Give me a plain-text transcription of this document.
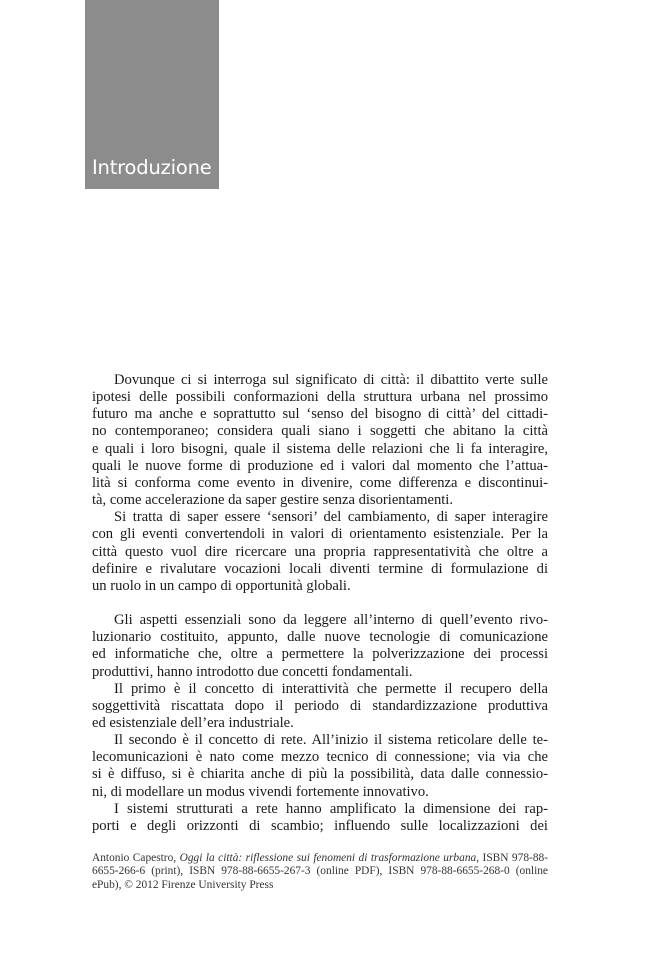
Introduzione

Dovunque ci si interroga sul significato di città: il dibattito verte sulle
ipotesi delle possibili conformazioni della struttura urbana nel prossimo
futuro ma anche e soprattutto sul ‘senso del bisogno di città’ del cittadi-
no contemporaneo; considera quali siano i soggetti che abitano la città
e quali i loro bisogni, quale il sistema delle relazioni che li fa interagire,
quali le nuove forme di produzione ed i valori dal momento che l’attua-
lità si conforma come evento in divenire, come differenza e discontinui-
tà, come accelerazione da saper gestire senza disorientamenti.

Si tratta di saper essere ‘sensori’ del cambiamento, di saper interagire
con gli eventi convertendoli in valori di orientamento esistenziale. Per la
città questo vuol dire ricercare una propria rappresentatività che oltre a
definire e rivalutare vocazioni locali diventi termine di formulazione di
un ruolo in un campo di opportunità globali.

Gli aspetti essenziali sono da leggere all’interno di quell’evento rivo-
luzionario costituito, appunto, dalle nuove tecnologie di comunicazione
ed informatiche che, oltre a permettere la polverizzazione dei processi
produttivi, hanno introdotto due concetti fondamentali.

Il primo è il concetto di interattività che permette il recupero della
soggettività riscattata dopo il periodo di standardizzazione produttiva
ed esistenziale dell’era industriale.

Il secondo è il concetto di rete. All’inizio il sistema reticolare delle te-
lecomunicazioni è nato come mezzo tecnico di connessione; via via che
si è diffuso, si è chiarita anche di più la possibilità, data dalle connessio-
ni, di modellare un modus vivendi fortemente innovativo.

I sistemi strutturati a rete hanno amplificato la dimensione dei rap-
porti e degli orizzonti di scambio; influendo sulle localizzazioni dei

Antonio Capestro, Oggi la città: riflessione sui fenomeni di trasformazione urbana, ISBN 978-88-
6655-266-6 (print), ISBN 978-88-6655-267-3 (online PDF), ISBN 978-88-6655-268-0 (online
ePub), © 2012 Firenze University Press
